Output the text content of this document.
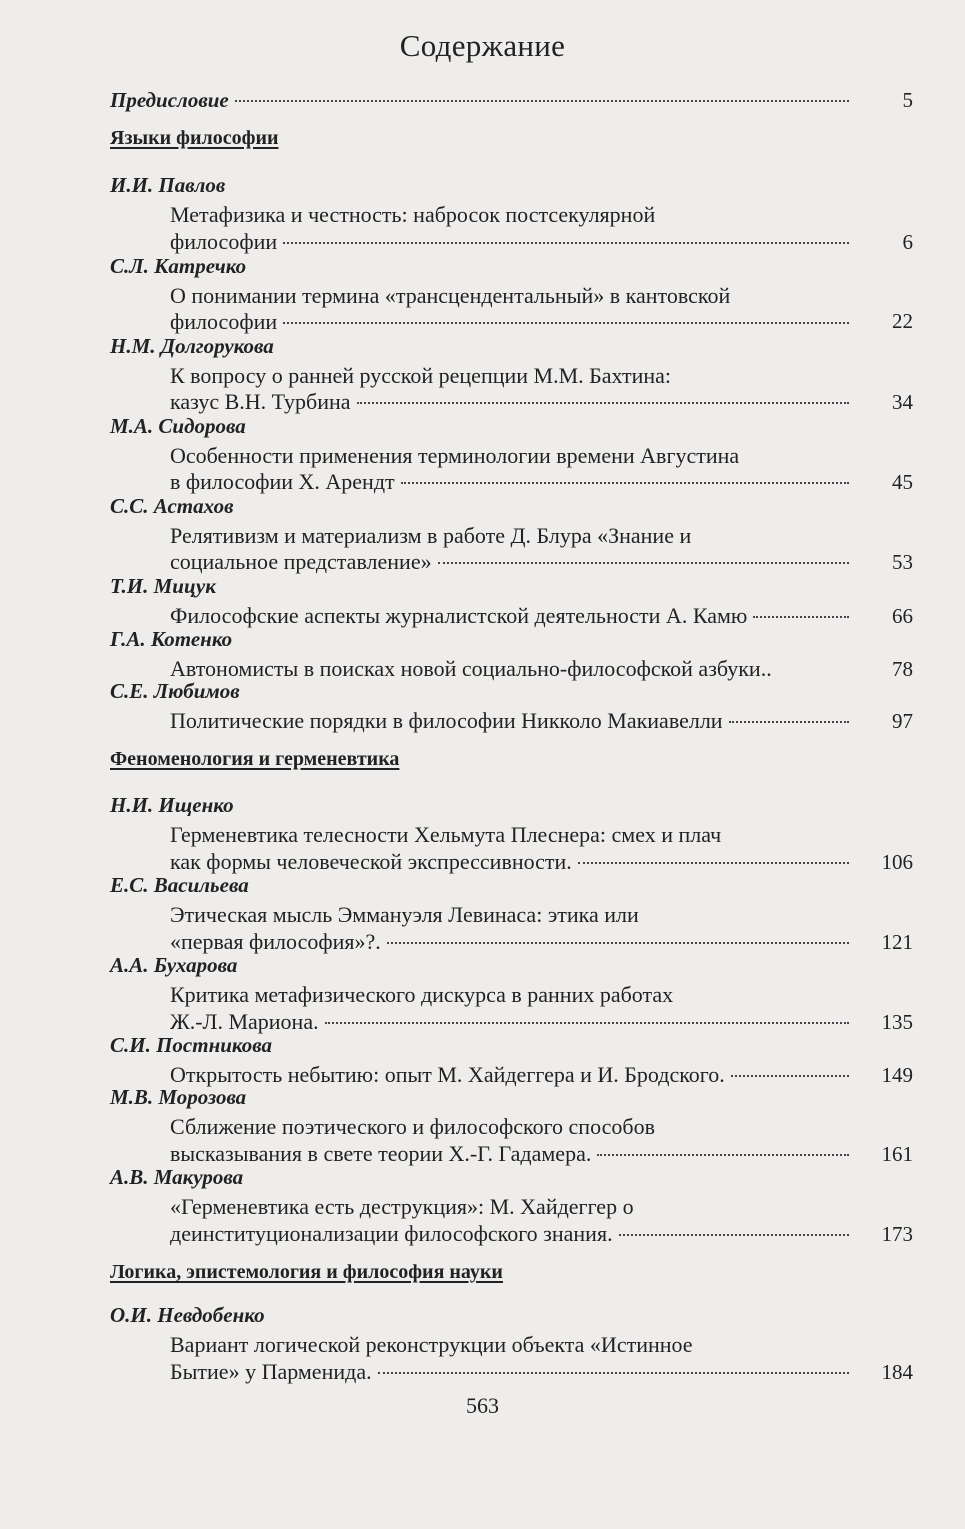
Содержание
Предисловие	5
Языки философии
И.И. Павлов
Метафизика и честность: набросок постсекулярной
философии	6
С.Л. Катречко
О понимании термина «трансцендентальный» в кантовской
философии	22
Н.М. Долгорукова
К вопросу о ранней русской рецепции М.М. Бахтина:
казус В.Н. Турбина	34
М.А. Сидорова
Особенности применения терминологии времени Августина
в философии Х. Арендт	45
С.С. Астахов
Релятивизм и материализм в работе Д. Блура «Знание и
социальное представление»	53
Т.И. Мицук
Философские аспекты журналистской деятельности А. Камю	66
Г.А. Котенко
Автономисты в поисках новой социально-философской азбуки..	78
С.Е. Любимов
Политические порядки в философии Никколо Макиавелли	97
Феноменология и герменевтика
Н.И. Ищенко
Герменевтика телесности Хельмута Плеснера: смех и плач
как формы человеческой экспрессивности.	106
Е.С. Васильева
Этическая мысль Эммануэля Левинаса: этика или
«первая философия»?.	121
А.А. Бухарова
Критика метафизического дискурса в ранних работах
Ж.-Л. Мариона.	135
С.И. Постникова
Открытость небытию: опыт М. Хайдеггера и И. Бродского.	149
М.В. Морозова
Сближение поэтического и философского способов
высказывания в свете теории Х.-Г. Гадамера.	161
А.В. Макурова
«Герменевтика есть деструкция»: М. Хайдеггер о
деинституционализации философского знания.	173
Логика, эпистемология и философия науки
О.И. Невдобенко
Вариант логической реконструкции объекта «Истинное
Бытие» у Парменида.	184
563
